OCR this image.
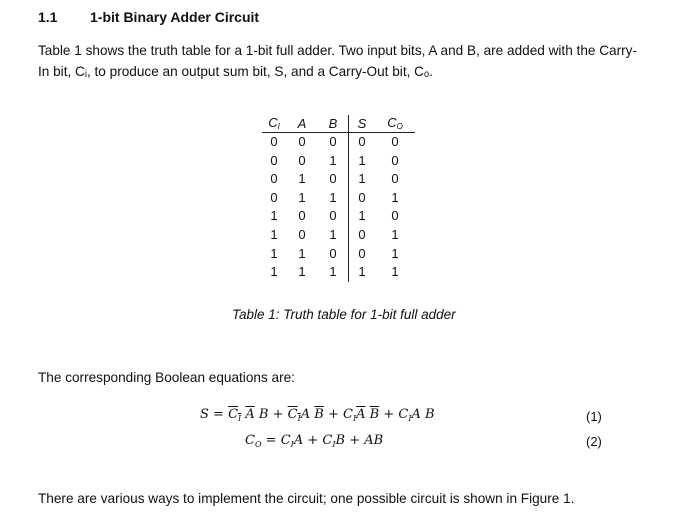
1.1 1-bit Binary Adder Circuit
Table 1 shows the truth table for a 1-bit full adder. Two input bits, A and B, are added with the Carry-
In bit, Cᵢ, to produce an output sum bit, S, and a Carry-Out bit, Cₒ.
CI	A	B	S	CO
0	0	0	0	0
0	0	1	1	0
0	1	0	1	0
0	1	1	0	1
1	0	0	1	0
1	0	1	0	1
1	1	0	0	1
1	1	1	1	1
Table 1: Truth table for 1-bit full adder
The corresponding Boolean equations are:
$S = C_I$ $\overline{A}$ $B + C_IA$ $\overline{B} + C_I\overline{A}$ $\overline{B} + C_IA$ B	(1)
$C_O = C_IA + C_IB$ + AB	(2)
There are various ways to implement the circuit; one possible circuit is shown in Figure 1.
